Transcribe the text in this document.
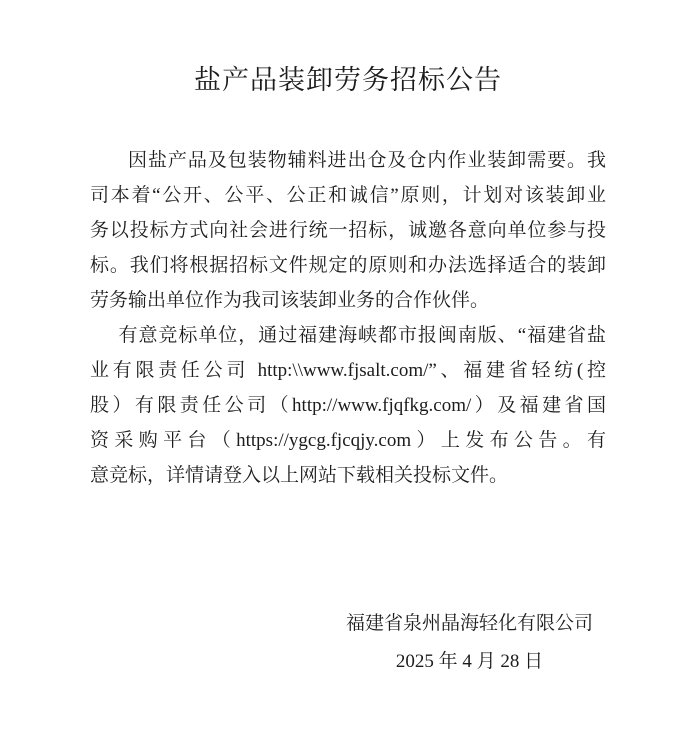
盐产品装卸劳务招标公告
因盐产品及包装物辅料进出仓及仓内作业装卸需要。我
司本着“公开、公平、公正和诚信”原则，计划对该装卸业
务以投标方式向社会进行统一招标，诚邀各意向单位参与投
标。我们将根据招标文件规定的原则和办法选择适合的装卸
劳务输出单位作为我司该装卸业务的合作伙伴。
有意竞标单位，通过福建海峡都市报闽南版、“福建省盐
业有限责任公司 http:\\www.fjsalt.com/”、福建省轻纺(控
股）有限责任公司（http://www.fjqfkg.com/）及福建省国
资采购平台（https://ygcg.fjcqjy.com）上发布公告。有
意竞标，详情请登入以上网站下载相关投标文件。
福建省泉州晶海轻化有限公司
2025 年 4 月 28 日
